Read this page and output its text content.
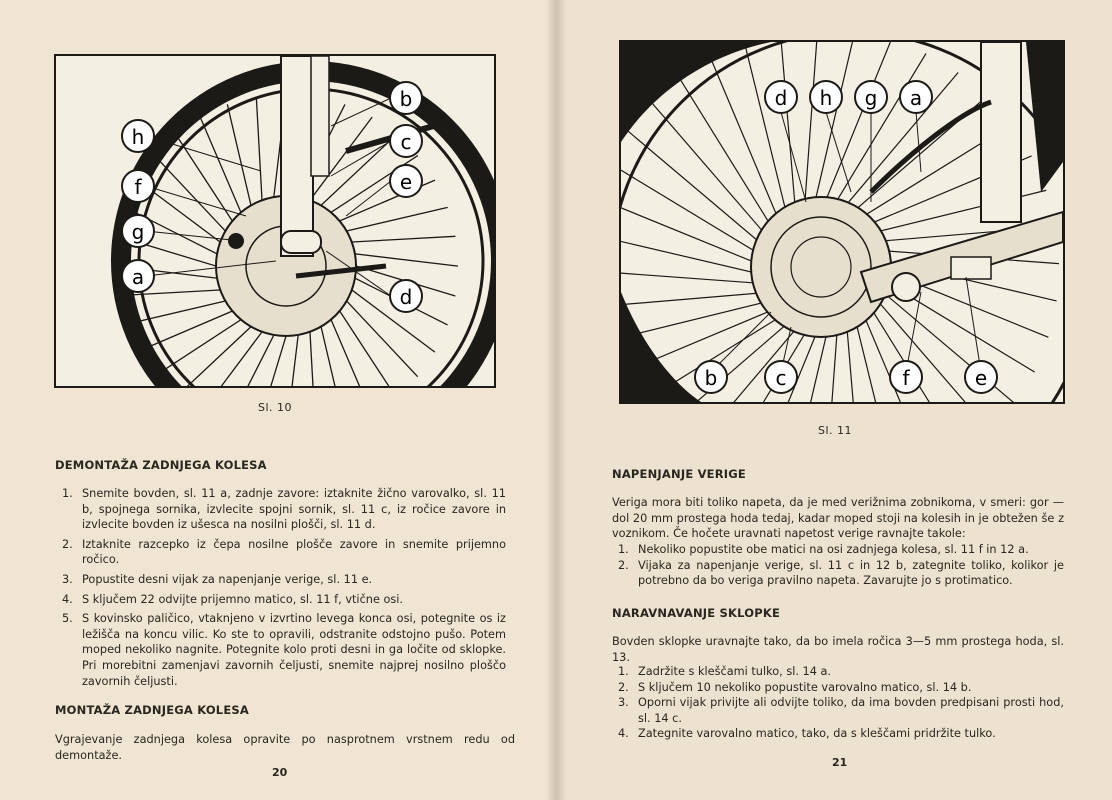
h
f
g
a
b
c
e
d
Sl. 10
DEMONTAŽA ZADNJEGA KOLESA
1. Snemite bovden, sl. 11 a, zadnje zavore: iztaknite žično varovalko, sl. 11 b, spojnega sornika, izvlecite spojni sornik, sl. 11 c, iz ročice zavore in izvlecite bovden iz ušesca na nosilni plošči, sl. 11 d.
2. Iztaknite razcepko iz čepa nosilne plošče zavore in snemite prijemno ročico.
3. Popustite desni vijak za napenjanje verige, sl. 11 e.
4. S ključem 22 odvijte prijemno matico, sl. 11 f, vtične osi.
5. S kovinsko paličico, vtaknjeno v izvrtino levega konca osi, potegnite os iz ležišča na koncu vilic. Ko ste to opravili, odstranite odstojno pušo. Potem moped nekoliko nagnite. Potegnite kolo proti desni in ga ločite od sklopke. Pri morebitni zamenjavi zavornih čeljusti, snemite najprej nosilno ploščo zavornih čeljusti.
MONTAŽA ZADNJEGA KOLESA
Vgrajevanje zadnjega kolesa opravite po nasprotnem vrstnem redu od demontaže.
20
d h g a
b	c	f	e
Sl. 11
NAPENJANJE VERIGE
Veriga mora biti toliko napeta, da je med verižnima zobnikoma, v smeri: gor — dol 20 mm prostega hoda tedaj, kadar moped stoji na kolesih in je obtežen še z voznikom. Če hočete uravnati napetost verige ravnajte takole:
1. Nekoliko popustite obe matici na osi zadnjega kolesa, sl. 11 f in 12 a.
2. Vijaka za napenjanje verige, sl. 11 c in 12 b, zategnite toliko, kolikor je potrebno da bo veriga pravilno napeta. Zavarujte jo s protimatico.
NARAVNAVANJE SKLOPKE
Bovden sklopke uravnajte tako, da bo imela ročica 3—5 mm prostega hoda, sl. 13.
1. Zadržite s kleščami tulko, sl. 14 a.
2. S ključem 10 nekoliko popustite varovalno matico, sl. 14 b.
3. Oporni vijak privijte ali odvijte toliko, da ima bovden predpisani prosti hod, sl. 14 c.
4. Zategnite varovalno matico, tako, da s kleščami pridržite tulko.
21
